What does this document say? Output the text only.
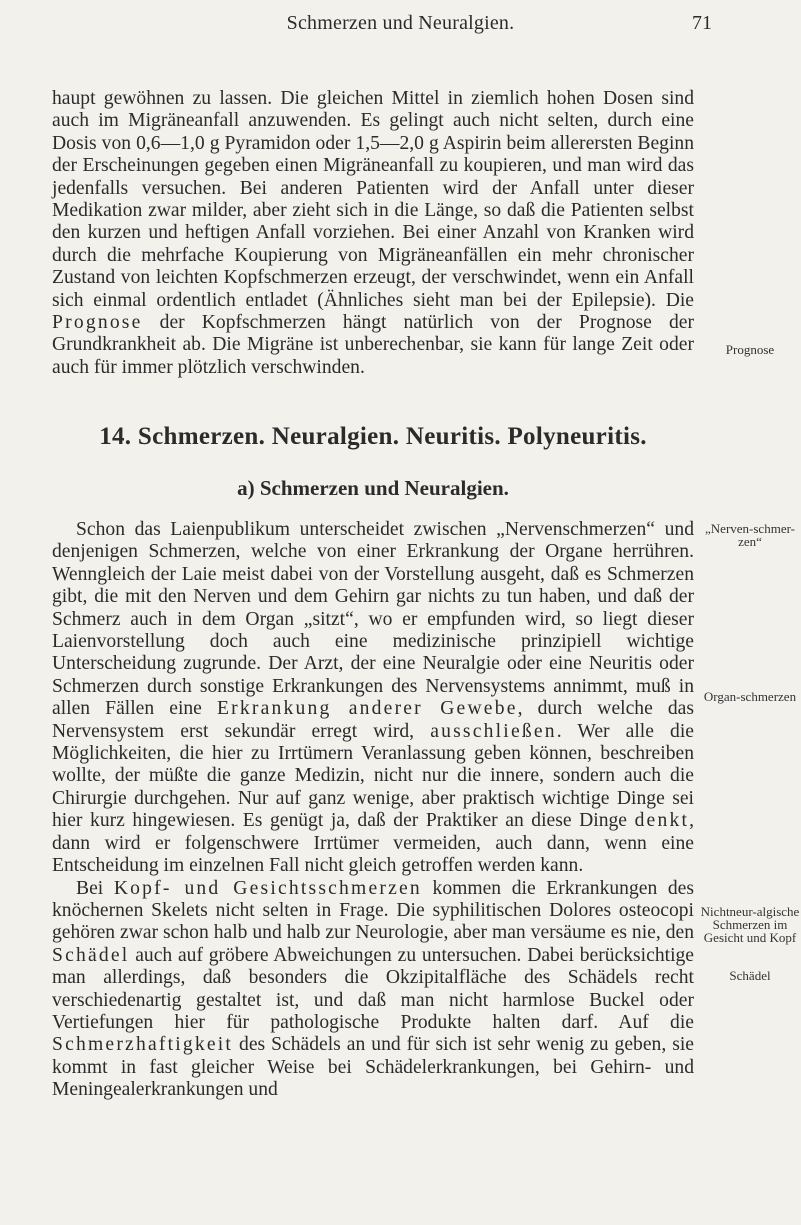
Schmerzen und Neuralgien.	71

haupt gewöhnen zu lassen. Die gleichen Mittel in ziemlich hohen Dosen sind auch im Migräneanfall anzuwenden. Es gelingt auch nicht selten, durch eine Dosis von 0,6—1,0 g Pyramidon oder 1,5—2,0 g Aspirin beim allerersten Beginn der Erscheinungen gegeben einen Migräneanfall zu koupieren, und man wird das jedenfalls versuchen. Bei anderen Patienten wird der Anfall unter dieser Medikation zwar milder, aber zieht sich in die Länge, so daß die Patienten selbst den kurzen und heftigen Anfall vorziehen. Bei einer Anzahl von Kranken wird durch die mehrfache Koupierung von Migräneanfällen ein mehr chronischer Zustand von leichten Kopfschmerzen erzeugt, der verschwindet, wenn ein Anfall sich einmal ordentlich entladet (Ähnliches sieht man bei der Epilepsie). Die Prognose der Kopfschmerzen hängt natürlich von der Prognose der Grundkrankheit ab. Die Migräne ist unberechenbar, sie kann für lange Zeit oder auch für immer plötzlich verschwinden.

14. Schmerzen. Neuralgien. Neuritis. Polyneuritis.
a) Schmerzen und Neuralgien.

Schon das Laienpublikum unterscheidet zwischen „Nervenschmerzen“ und denjenigen Schmerzen, welche von einer Erkrankung der Organe herrühren. Wenngleich der Laie meist dabei von der Vorstellung ausgeht, daß es Schmerzen gibt, die mit den Nerven und dem Gehirn gar nichts zu tun haben, und daß der Schmerz auch in dem Organ „sitzt“, wo er empfunden wird, so liegt dieser Laienvorstellung doch auch eine medizinische prinzipiell wichtige Unterscheidung zugrunde. Der Arzt, der eine Neuralgie oder eine Neuritis oder Schmerzen durch sonstige Erkrankungen des Nervensystems annimmt, muß in allen Fällen eine Erkrankung anderer Gewebe, durch welche das Nervensystem erst sekundär erregt wird, ausschließen. Wer alle die Möglichkeiten, die hier zu Irrtümern Veranlassung geben können, beschreiben wollte, der müßte die ganze Medizin, nicht nur die innere, sondern auch die Chirurgie durchgehen. Nur auf ganz wenige, aber praktisch wichtige Dinge sei hier kurz hingewiesen. Es genügt ja, daß der Praktiker an diese Dinge denkt, dann wird er folgenschwere Irrtümer vermeiden, auch dann, wenn eine Entscheidung im einzelnen Fall nicht gleich getroffen werden kann.

Bei Kopf- und Gesichtsschmerzen kommen die Erkrankungen des knöchernen Skelets nicht selten in Frage. Die syphilitischen Dolores osteocopi gehören zwar schon halb und halb zur Neurologie, aber man versäume es nie, den Schädel auch auf gröbere Abweichungen zu untersuchen. Dabei berücksichtige man allerdings, daß besonders die Okzipitalfläche des Schädels recht verschiedenartig gestaltet ist, und daß man nicht harmlose Buckel oder Vertiefungen hier für pathologische Produkte halten darf. Auf die Schmerzhaftigkeit des Schädels an und für sich ist sehr wenig zu geben, sie kommt in fast gleicher Weise bei Schädelerkrankungen, bei Gehirn- und Meningealerkrankungen und

Prognose
„Nerven-schmer-zen“
Organ-schmerzen
Nichtneur-algische Schmerzen im Gesicht und Kopf
Schädel
